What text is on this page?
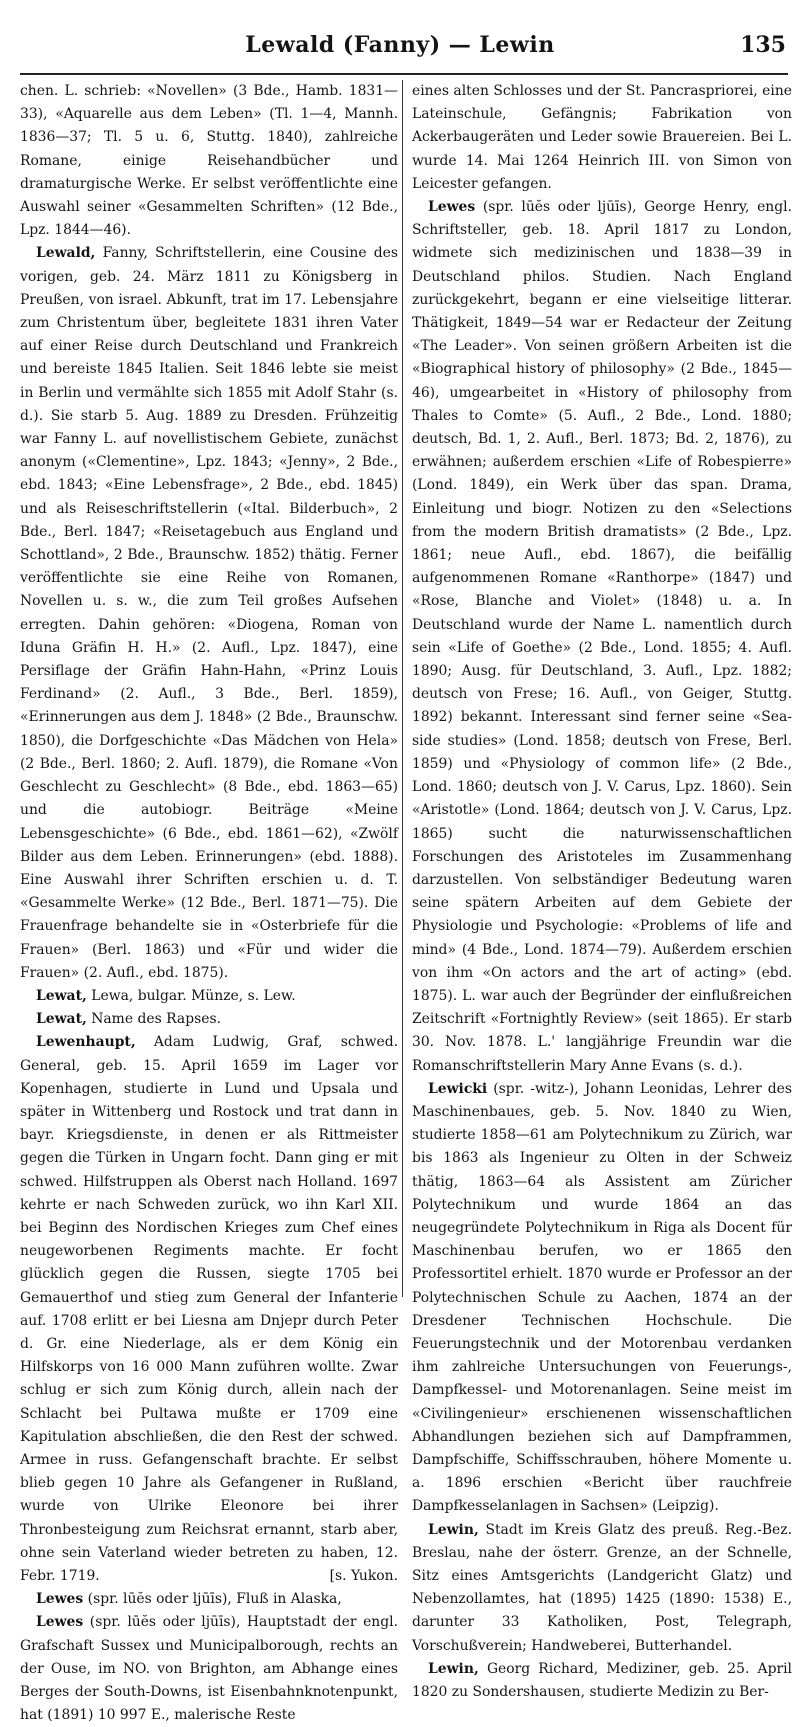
Lewald (Fanny) — Lewin	135

chen. L. schrieb: «Novellen» (3 Bde., Hamb. 1831—33), «Aquarelle aus dem Leben» (Tl. 1—4, Mannh. 1836—37; Tl. 5 u. 6, Stuttg. 1840), zahlreiche Romane, einige Reisehandbücher und dramaturgische Werke. Er selbst veröffentlichte eine Auswahl seiner «Gesammelten Schriften» (12 Bde., Lpz. 1844—46).

Lewald, Fanny, Schriftstellerin, eine Cousine des vorigen, geb. 24. März 1811 zu Königsberg in Preußen, von israel. Abkunft, trat im 17. Lebensjahre zum Christentum über, begleitete 1831 ihren Vater auf einer Reise durch Deutschland und Frankreich und bereiste 1845 Italien. Seit 1846 lebte sie meist in Berlin und vermählte sich 1855 mit Adolf Stahr (s. d.). Sie starb 5. Aug. 1889 zu Dresden. Frühzeitig war Fanny L. auf novellistischem Gebiete, zunächst anonym («Clementine», Lpz. 1843; «Jenny», 2 Bde., ebd. 1843; «Eine Lebensfrage», 2 Bde., ebd. 1845) und als Reiseschriftstellerin («Ital. Bilderbuch», 2 Bde., Berl. 1847; «Reisetagebuch aus England und Schottland», 2 Bde., Braunschw. 1852) thätig. Ferner veröffentlichte sie eine Reihe von Romanen, Novellen u. s. w., die zum Teil großes Aufsehen erregten. Dahin gehören: «Diogena, Roman von Iduna Gräfin H. H.» (2. Aufl., Lpz. 1847), eine Persiflage der Gräfin Hahn-Hahn, «Prinz Louis Ferdinand» (2. Aufl., 3 Bde., Berl. 1859), «Erinnerungen aus dem J. 1848» (2 Bde., Braunschw. 1850), die Dorfgeschichte «Das Mädchen von Hela» (2 Bde., Berl. 1860; 2. Aufl. 1879), die Romane «Von Geschlecht zu Geschlecht» (8 Bde., ebd. 1863—65) und die autobiogr. Beiträge «Meine Lebensgeschichte» (6 Bde., ebd. 1861—62), «Zwölf Bilder aus dem Leben. Erinnerungen» (ebd. 1888). Eine Auswahl ihrer Schriften erschien u. d. T. «Gesammelte Werke» (12 Bde., Berl. 1871—75). Die Frauenfrage behandelte sie in «Osterbriefe für die Frauen» (Berl. 1863) und «Für und wider die Frauen» (2. Aufl., ebd. 1875).

Lewat, Lewa, bulgar. Münze, s. Lew.

Lewat, Name des Rapses.

Lewenhaupt, Adam Ludwig, Graf, schwed. General, geb. 15. April 1659 im Lager vor Kopenhagen, studierte in Lund und Upsala und später in Wittenberg und Rostock und trat dann in bayr. Kriegsdienste, in denen er als Rittmeister gegen die Türken in Ungarn focht. Dann ging er mit schwed. Hilfstruppen als Oberst nach Holland. 1697 kehrte er nach Schweden zurück, wo ihn Karl XII. bei Beginn des Nordischen Krieges zum Chef eines neugeworbenen Regiments machte. Er focht glücklich gegen die Russen, siegte 1705 bei Gemauerthof und stieg zum General der Infanterie auf. 1708 erlitt er bei Liesna am Dnjepr durch Peter d. Gr. eine Niederlage, als er dem König ein Hilfskorps von 16 000 Mann zuführen wollte. Zwar schlug er sich zum König durch, allein nach der Schlacht bei Pultawa mußte er 1709 eine Kapitulation abschließen, die den Rest der schwed. Armee in russ. Gefangenschaft brachte. Er selbst blieb gegen 10 Jahre als Gefangener in Rußland, wurde von Ulrike Eleonore bei ihrer Thronbesteigung zum Reichsrat ernannt, starb aber, ohne sein Vaterland wieder betreten zu haben, 12. Febr. 1719.	[s. Yukon.

Lewes (spr. lūĕs oder ljūīs), Fluß in Alaska,

Lewes (spr. lūĕs oder ljūīs), Hauptstadt der engl. Grafschaft Sussex und Municipalborough, rechts an der Ouse, im NO. von Brighton, am Abhange eines Berges der South-Downs, ist Eisenbahnknotenpunkt, hat (1891) 10 997 E., malerische Reste

eines alten Schlosses und der St. Pancraspriorei, eine Lateinschule, Gefängnis; Fabrikation von Ackerbaugeräten und Leder sowie Brauereien. Bei L. wurde 14. Mai 1264 Heinrich III. von Simon von Leicester gefangen.

Lewes (spr. lūĕs oder ljūīs), George Henry, engl. Schriftsteller, geb. 18. April 1817 zu London, widmete sich medizinischen und 1838—39 in Deutschland philos. Studien. Nach England zurückgekehrt, begann er eine vielseitige litterar. Thätigkeit, 1849—54 war er Redacteur der Zeitung «The Leader». Von seinen größern Arbeiten ist die «Biographical history of philosophy» (2 Bde., 1845—46), umgearbeitet in «History of philosophy from Thales to Comte» (5. Aufl., 2 Bde., Lond. 1880; deutsch, Bd. 1, 2. Aufl., Berl. 1873; Bd. 2, 1876), zu erwähnen; außerdem erschien «Life of Robespierre» (Lond. 1849), ein Werk über das span. Drama, Einleitung und biogr. Notizen zu den «Selections from the modern British dramatists» (2 Bde., Lpz. 1861; neue Aufl., ebd. 1867), die beifällig aufgenommenen Romane «Ranthorpe» (1847) und «Rose, Blanche and Violet» (1848) u. a. In Deutschland wurde der Name L. namentlich durch sein «Life of Goethe» (2 Bde., Lond. 1855; 4. Aufl. 1890; Ausg. für Deutschland, 3. Aufl., Lpz. 1882; deutsch von Frese; 16. Aufl., von Geiger, Stuttg. 1892) bekannt. Interessant sind ferner seine «Sea-side studies» (Lond. 1858; deutsch von Frese, Berl. 1859) und «Physiology of common life» (2 Bde., Lond. 1860; deutsch von J. V. Carus, Lpz. 1860). Sein «Aristotle» (Lond. 1864; deutsch von J. V. Carus, Lpz. 1865) sucht die naturwissenschaftlichen Forschungen des Aristoteles im Zusammenhang darzustellen. Von selbständiger Bedeutung waren seine spätern Arbeiten auf dem Gebiete der Physiologie und Psychologie: «Problems of life and mind» (4 Bde., Lond. 1874—79). Außerdem erschien von ihm «On actors and the art of acting» (ebd. 1875). L. war auch der Begründer der einflußreichen Zeitschrift «Fortnightly Review» (seit 1865). Er starb 30. Nov. 1878. L.' langjährige Freundin war die Romanschriftstellerin Mary Anne Evans (s. d.).

Lewicki (spr. -witz-), Johann Leonidas, Lehrer des Maschinenbaues, geb. 5. Nov. 1840 zu Wien, studierte 1858—61 am Polytechnikum zu Zürich, war bis 1863 als Ingenieur zu Olten in der Schweiz thätig, 1863—64 als Assistent am Züricher Polytechnikum und wurde 1864 an das neugegründete Polytechnikum in Riga als Docent für Maschinenbau berufen, wo er 1865 den Professortitel erhielt. 1870 wurde er Professor an der Polytechnischen Schule zu Aachen, 1874 an der Dresdener Technischen Hochschule. Die Feuerungstechnik und der Motorenbau verdanken ihm zahlreiche Untersuchungen von Feuerungs-, Dampfkessel- und Motorenanlagen. Seine meist im «Civilingenieur» erschienenen wissenschaftlichen Abhandlungen beziehen sich auf Dampframmen, Dampfschiffe, Schiffsschrauben, höhere Momente u. a. 1896 erschien «Bericht über rauchfreie Dampfkesselanlagen in Sachsen» (Leipzig).

Lewin, Stadt im Kreis Glatz des preuß. Reg.-Bez. Breslau, nahe der österr. Grenze, an der Schnelle, Sitz eines Amtsgerichts (Landgericht Glatz) und Nebenzollamtes, hat (1895) 1425 (1890: 1538) E., darunter 33 Katholiken, Post, Telegraph, Vorschußverein; Handweberei, Butterhandel.

Lewin, Georg Richard, Mediziner, geb. 25. April 1820 zu Sondershausen, studierte Medizin zu Ber-
